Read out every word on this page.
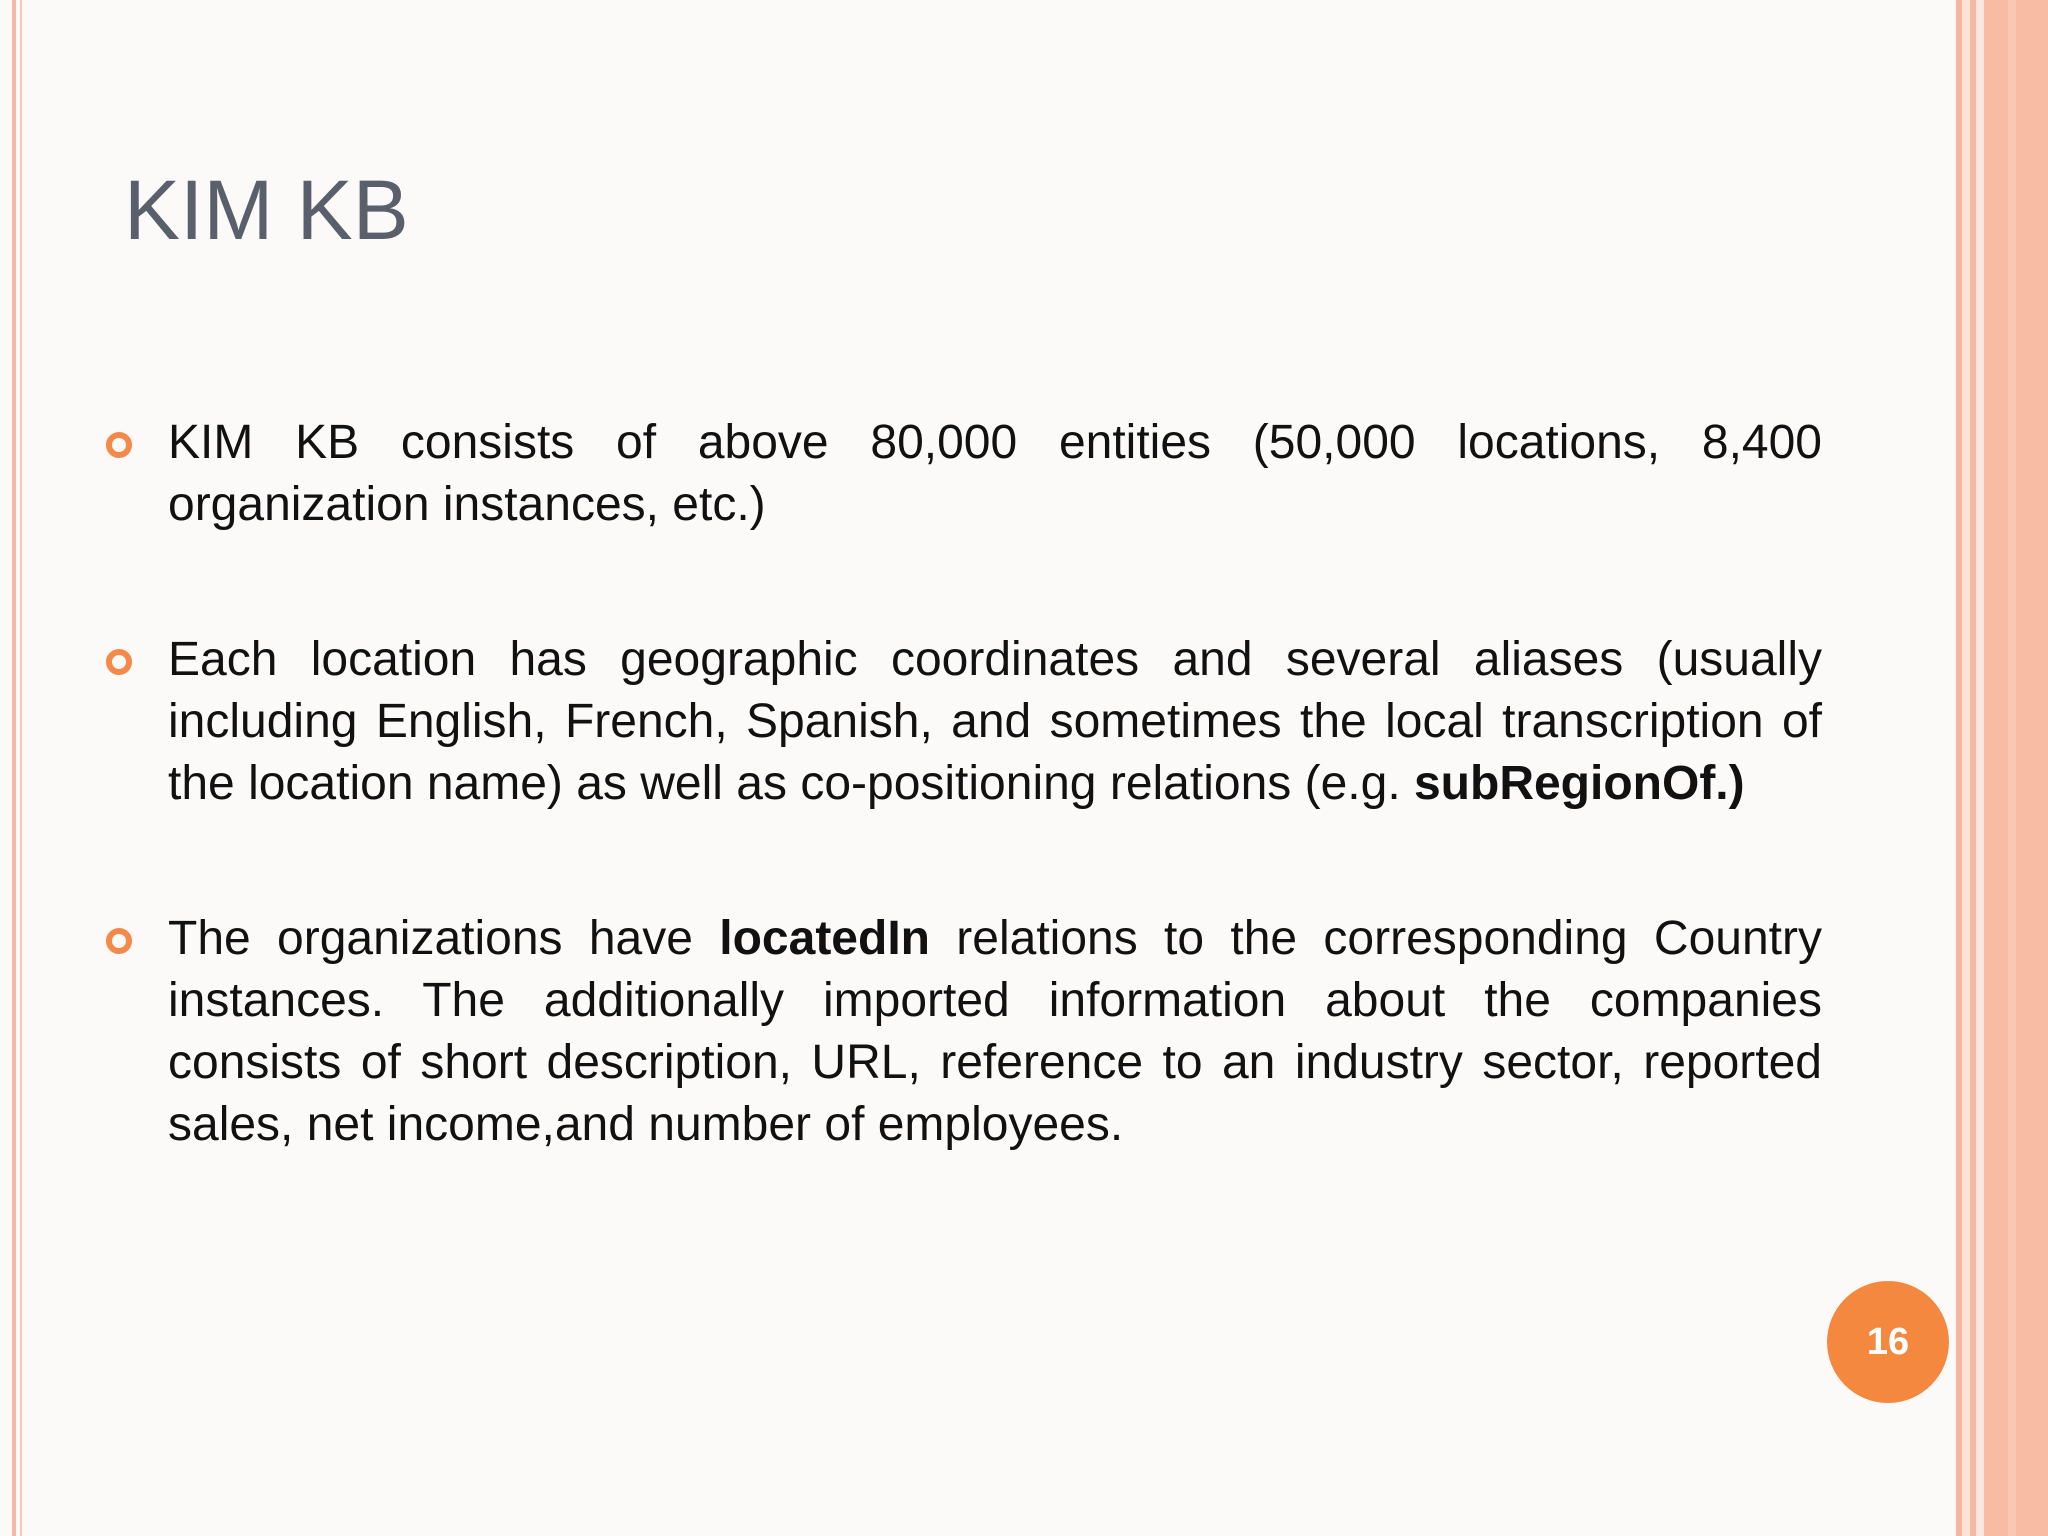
KIM KB
KIM KB consists of above 80,000 entities (50,000 locations, 8,400 organization instances, etc.)
Each location has geographic coordinates and several aliases (usually including English, French, Spanish, and sometimes the local transcription of the location name) as well as co-positioning relations (e.g. subRegionOf.)
The organizations have locatedIn relations to the corresponding Country instances. The additionally imported information about the companies consists of short description, URL, reference to an industry sector, reported sales, net income,and number of employees.
16
